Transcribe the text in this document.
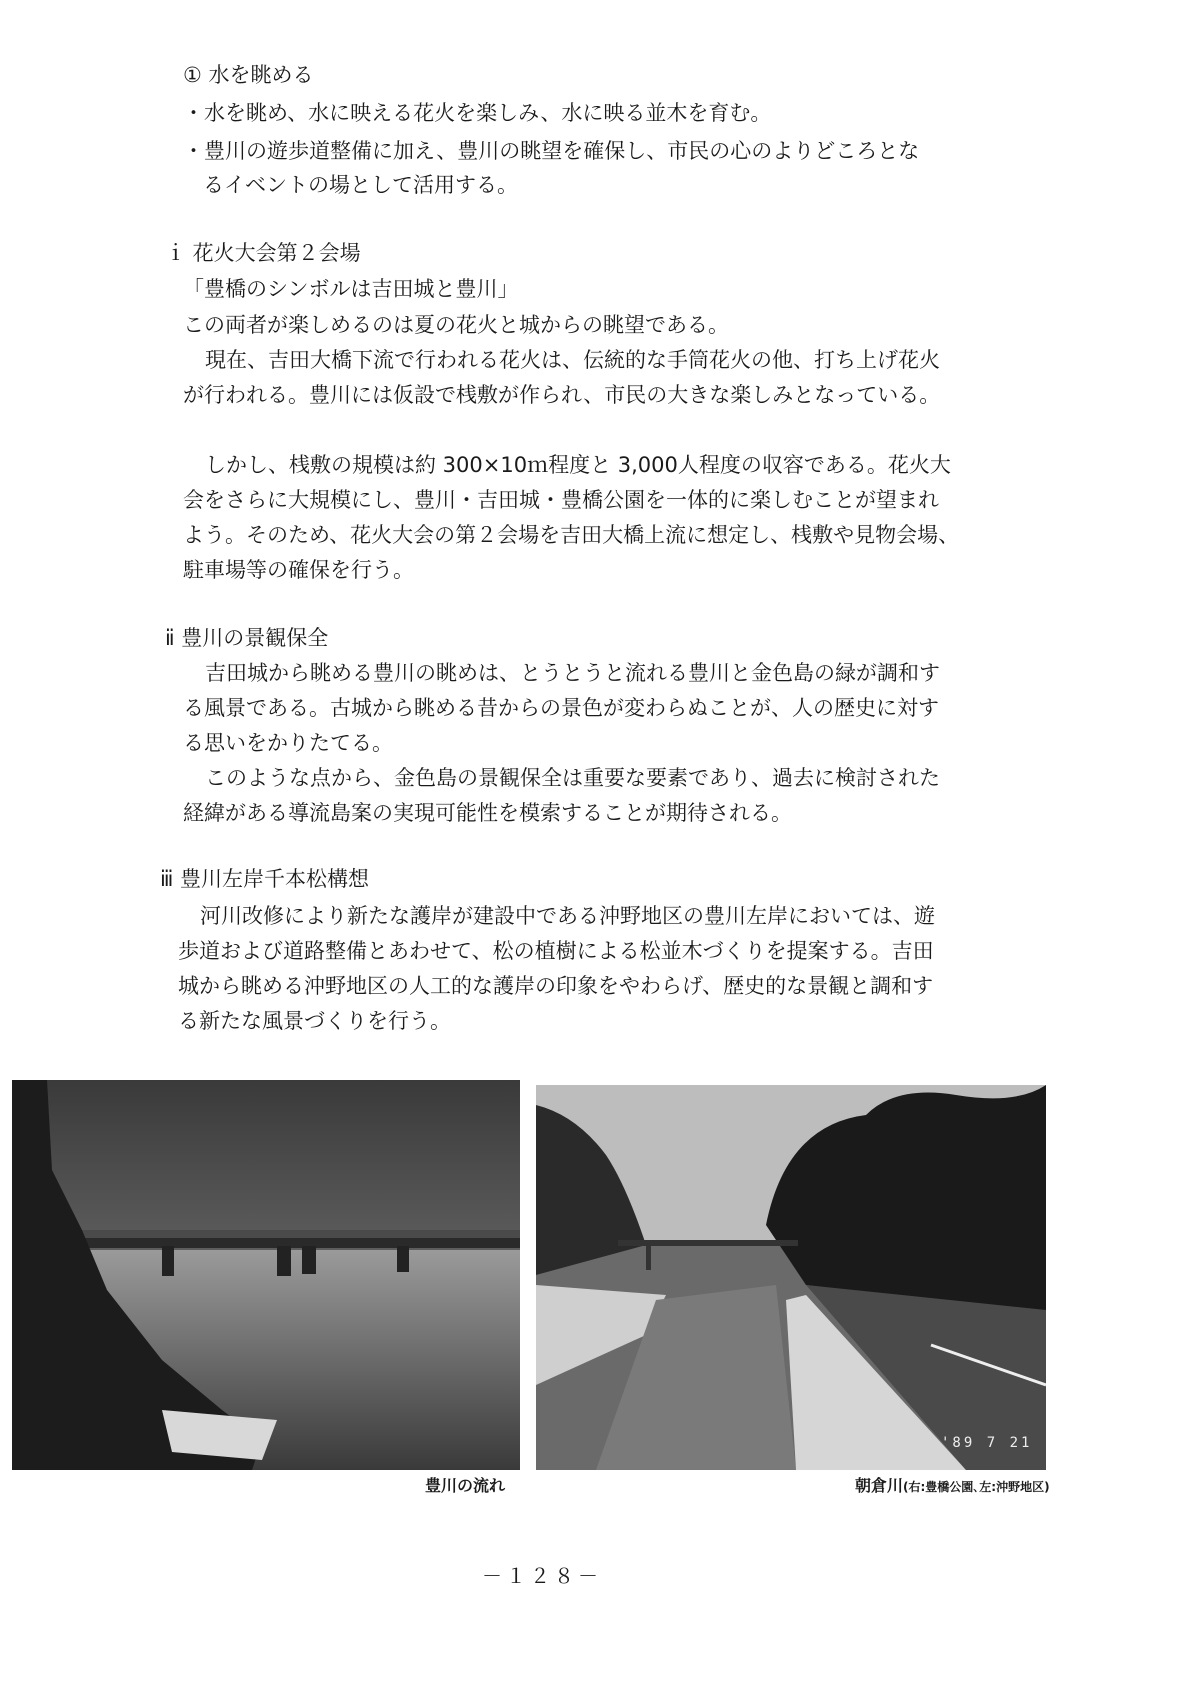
① 水を眺める
・水を眺め、水に映える花火を楽しみ、水に映る並木を育む。
・豊川の遊歩道整備に加え、豊川の眺望を確保し、市民の心のよりどころとな
るイベントの場として活用する。
ｉ 花火大会第２会場
「豊橋のシンボルは吉田城と豊川」
この両者が楽しめるのは夏の花火と城からの眺望である。
現在、吉田大橋下流で行われる花火は、伝統的な手筒花火の他、打ち上げ花火
が行われる。豊川には仮設で桟敷が作られ、市民の大きな楽しみとなっている。
しかし、桟敷の規模は約 300×10ｍ程度と 3,000人程度の収容である。花火大
会をさらに大規模にし、豊川・吉田城・豊橋公園を一体的に楽しむことが望まれ
よう。そのため、花火大会の第２会場を吉田大橋上流に想定し、桟敷や見物会場、
駐車場等の確保を行う。
ⅱ 豊川の景観保全
吉田城から眺める豊川の眺めは、とうとうと流れる豊川と金色島の緑が調和す
る風景である。古城から眺める昔からの景色が変わらぬことが、人の歴史に対す
る思いをかりたてる。
このような点から、金色島の景観保全は重要な要素であり、過去に検討された
経緯がある導流島案の実現可能性を模索することが期待される。
ⅲ 豊川左岸千本松構想
河川改修により新たな護岸が建設中である沖野地区の豊川左岸においては、遊
歩道および道路整備とあわせて、松の植樹による松並木づくりを提案する。吉田
城から眺める沖野地区の人工的な護岸の印象をやわらげ、歴史的な景観と調和す
る新たな風景づくりを行う。
豊川の流れ
'89 7 21
朝倉川(右:豊橋公園､左:沖野地区)
－１２８－
